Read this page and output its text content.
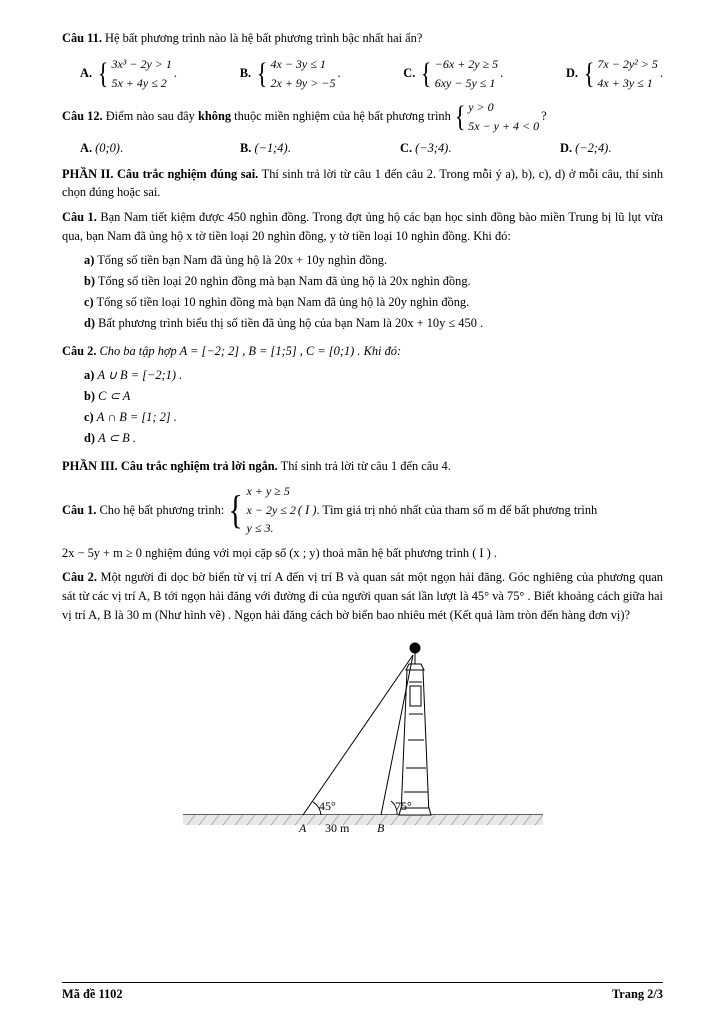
Câu 11. Hệ bất phương trình nào là hệ bất phương trình bậc nhất hai ẩn?
A. { 3x³ − 2y > 1
5x + 4y ≤ 2
.	B. { 4x − 3y ≤ 1
2x + 9y > −5
.	C. { −6x + 2y ≥ 5
6xy − 5y ≤ 1
.	D. { 7x − 2y² > 5
4x + 3y ≤ 1
.
Câu 12.
Điểm nào sau đây
không
thuộc miền nghiệm của hệ bất phương trình { y > 0
5x − y + 4 < 0
?
A. (0;0).	B. (−1;4).	C. (−3;4).	D. (−2;4).
PHẦN II. Câu trắc nghiệm đúng sai. Thí sinh trả lời từ câu 1 đến câu 2. Trong mỗi ý a), b), c), d) ở mỗi câu, thí sinh chọn đúng hoặc sai.
Câu 1. Bạn Nam tiết kiệm được 450 nghìn đồng. Trong đợt ủng hộ các bạn học sinh đồng bào miền Trung bị lũ lụt vừa qua, bạn Nam đã ủng hộ x tờ tiền loại 20 nghìn đồng, y tờ tiền loại 10 nghìn đồng. Khi đó:
a) Tổng số tiền bạn Nam đã ủng hộ là 20x + 10y nghìn đồng.
b) Tổng số tiền loại 20 nghìn đồng mà bạn Nam đã ủng hộ là 20x nghìn đồng.
c) Tổng số tiền loại 10 nghìn đồng mà bạn Nam đã ủng hộ là 20y nghìn đồng.
d) Bất phương trình biểu thị số tiền đã ủng hộ của bạn Nam là 20x + 10y ≤ 450 .
Câu 2. Cho ba tập hợp A = [−2; 2] , B = [1;5] , C = [0;1) . Khi đó:
a) A ∪ B = [−2;1) .
b) C ⊂ A
c) A ∩ B = [1; 2] .
d) A ⊂ B .
PHẦN III. Câu trắc nghiệm trả lời ngắn. Thí sinh trả lời từ câu 1 đến câu 4.
Câu 1.
Cho hệ bất phương trình: { x + y ≥ 5
x − 2y ≤ 2
y ≤ 3.
( I ) . Tìm giá trị nhỏ nhất của tham số m để bất phương trình
2x − 5y + m ≥ 0 nghiệm đúng với mọi cặp số (x ; y) thoả mãn hệ bất phương trình ( I ) .
Câu 2. Một người đi dọc bờ biển từ vị trí A đến vị trí B và quan sát một ngọn hải đăng. Góc nghiêng của phương quan sát từ các vị trí A, B tới ngọn hải đăng với đường đi của người quan sát lần lượt là 45° và 75° . Biết khoảng cách giữa hai vị trí A, B là 30 m (Như hình vẽ) . Ngọn hải đăng cách bờ biển bao nhiêu mét (Kết quả làm tròn đến hàng đơn vị)?
45°	75°
A	B
30 m
Mã đề 1102	Trang 2/3
